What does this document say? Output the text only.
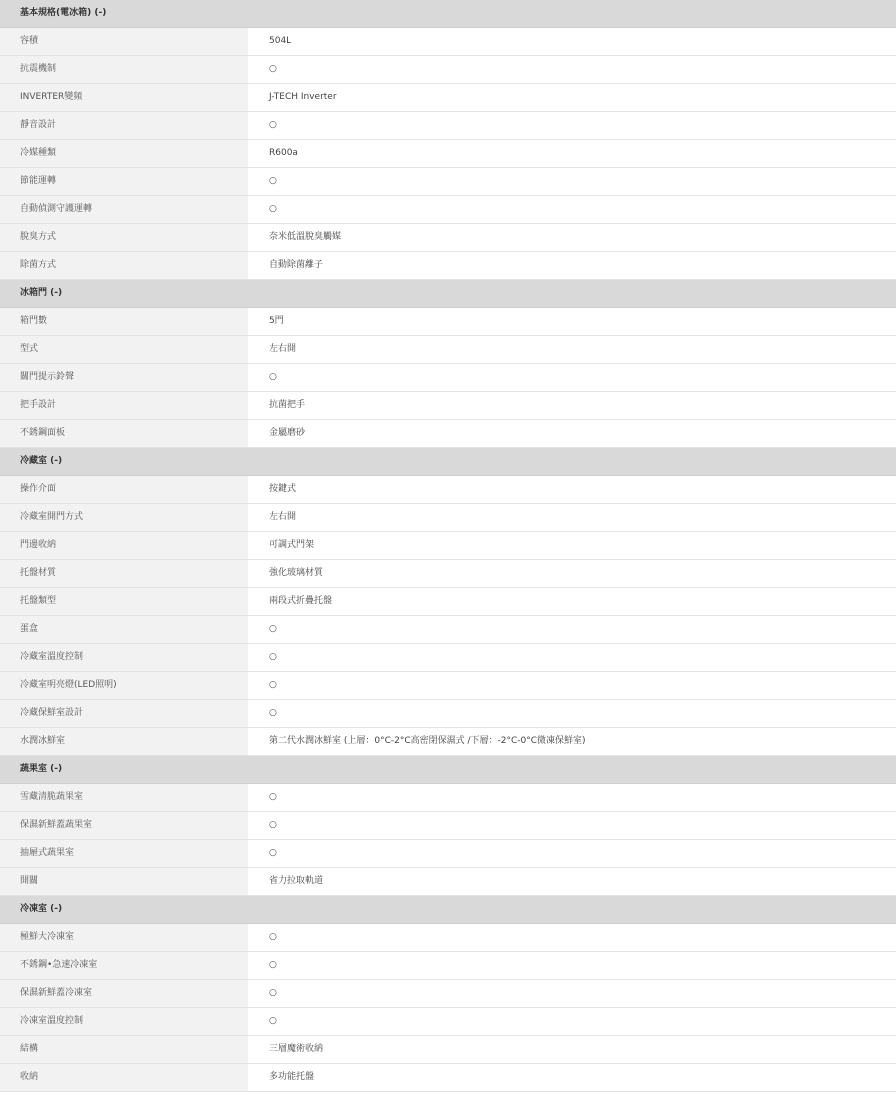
基本規格(電冰箱) (-)
容積	504L
抗震機制	○
INVERTER變頻	J-TECH Inverter
靜音設計	○
冷媒種類	R600a
節能運轉	○
自動偵測守護運轉	○
脫臭方式	奈米低溫脫臭觸媒
除菌方式	自動除菌離子
冰箱門 (-)
箱門數	5門
型式	左右開
關門提示鈴聲	○
把手設計	抗菌把手
不銹鋼面板	金屬磨砂
冷藏室 (-)
操作介面	按鍵式
冷藏室開門方式	左右開
門邊收納	可調式門架
托盤材質	強化玻璃材質
托盤類型	兩段式折疊托盤
蛋盒	○
冷藏室溫度控制	○
冷藏室明亮燈(LED照明)	○
冷藏保鮮室設計	○
水潤冰鮮室	第二代水潤冰鮮室 (上層：0°C-2°C高密閉保濕式 /下層：-2°C-0°C微凍保鮮室)
蔬果室 (-)
雪藏清脆蔬果室	○
保濕新鮮蓋蔬果室	○
抽屜式蔬果室	○
開關	省力拉取軌道
冷凍室 (-)
極鮮大冷凍室	○
不銹鋼•急速冷凍室	○
保濕新鮮蓋冷凍室	○
冷凍室溫度控制	○
結構	三層魔術收納
收納	多功能托盤
